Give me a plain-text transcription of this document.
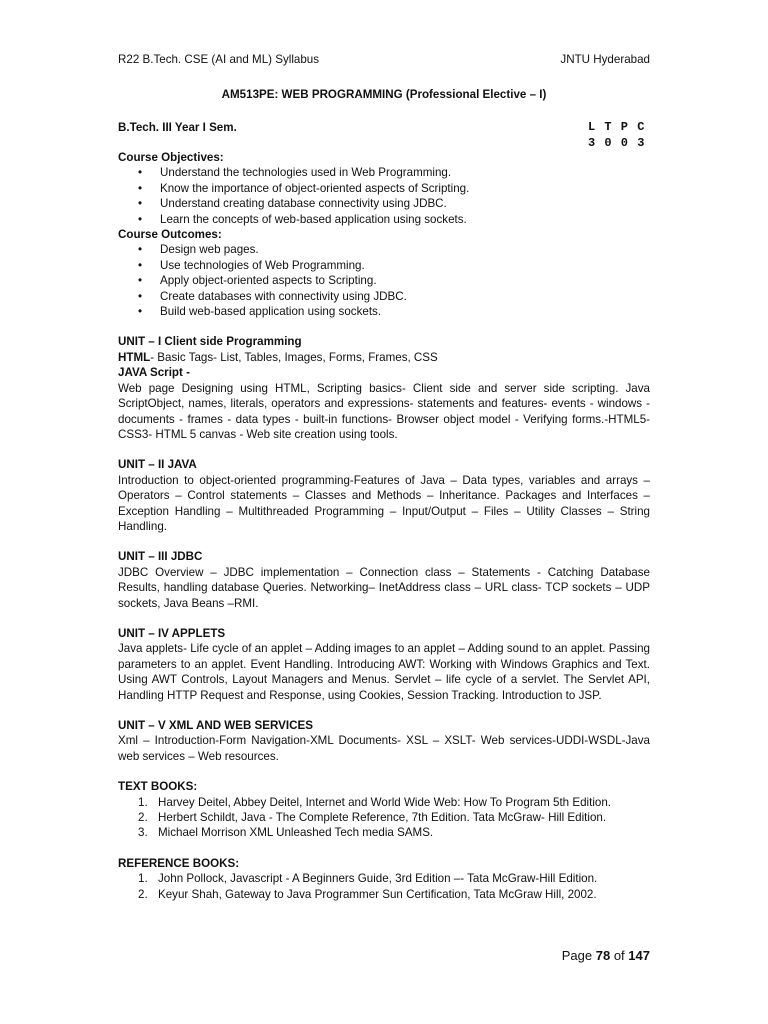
R22 B.Tech. CSE (AI and ML) Syllabus	JNTU Hyderabad
AM513PE: WEB PROGRAMMING (Professional Elective – I)
B.Tech. III Year I Sem.	L T P C
3 0 0 3
Course Objectives:
• Understand the technologies used in Web Programming.
• Know the importance of object-oriented aspects of Scripting.
• Understand creating database connectivity using JDBC.
• Learn the concepts of web-based application using sockets.
Course Outcomes:
• Design web pages.
• Use technologies of Web Programming.
• Apply object-oriented aspects to Scripting.
• Create databases with connectivity using JDBC.
• Build web-based application using sockets.
UNIT – I Client side Programming
HTML- Basic Tags- List, Tables, Images, Forms, Frames, CSS
JAVA Script -

Web page Designing using HTML, Scripting basics- Client side and server side scripting. Java ScriptObject, names, literals, operators and expressions- statements and features- events - windows - documents - frames - data types - built-in functions- Browser object model - Verifying forms.-HTML5- CSS3- HTML 5 canvas - Web site creation using tools.

UNIT – II JAVA

Introduction to object-oriented programming-Features of Java – Data types, variables and arrays – Operators – Control statements – Classes and Methods – Inheritance. Packages and Interfaces – Exception Handling – Multithreaded Programming – Input/Output – Files – Utility Classes – String Handling.

UNIT – III JDBC

JDBC Overview – JDBC implementation – Connection class – Statements - Catching Database Results, handling database Queries. Networking– InetAddress class – URL class- TCP sockets – UDP sockets, Java Beans –RMI.

UNIT – IV APPLETS

Java applets- Life cycle of an applet – Adding images to an applet – Adding sound to an applet. Passing parameters to an applet. Event Handling. Introducing AWT: Working with Windows Graphics and Text. Using AWT Controls, Layout Managers and Menus. Servlet – life cycle of a servlet. The Servlet API, Handling HTTP Request and Response, using Cookies, Session Tracking. Introduction to JSP.

UNIT – V XML AND WEB SERVICES

Xml – Introduction-Form Navigation-XML Documents- XSL – XSLT- Web services-UDDI-WSDL-Java web services – Web resources.

TEXT BOOKS:
1. Harvey Deitel, Abbey Deitel, Internet and World Wide Web: How To Program 5th Edition.
2. Herbert Schildt, Java - The Complete Reference, 7th Edition. Tata McGraw- Hill Edition.
3. Michael Morrison XML Unleashed Tech media SAMS.
REFERENCE BOOKS:
1. John Pollock, Javascript - A Beginners Guide, 3rd Edition –- Tata McGraw-Hill Edition.
2. Keyur Shah, Gateway to Java Programmer Sun Certification, Tata McGraw Hill, 2002.
Page 78 of 147
